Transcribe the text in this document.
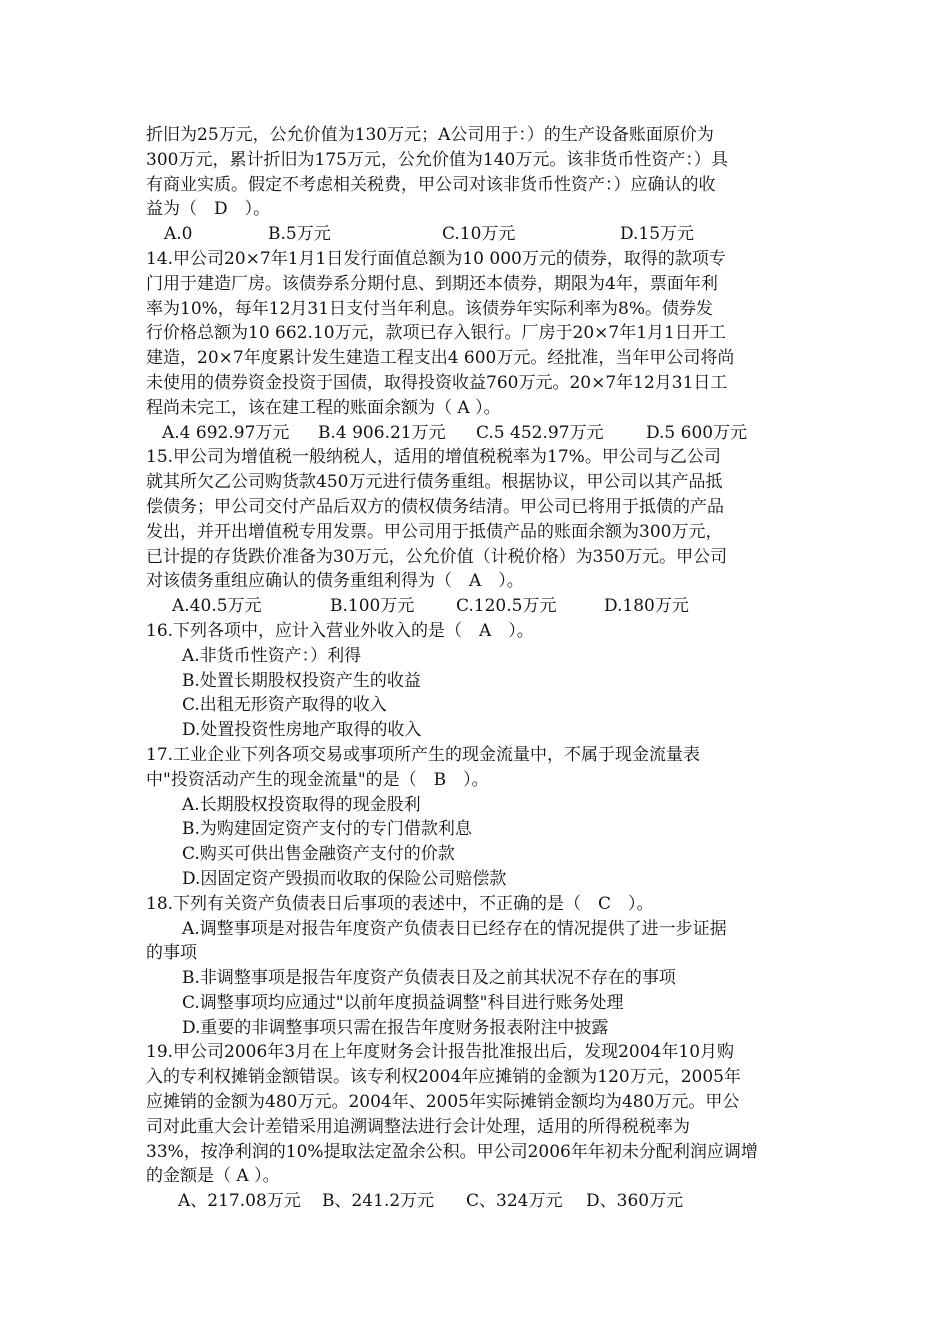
折旧为25万元，公允价值为130万元；A公司用于：）的生产设备账面原价为
300万元，累计折旧为175万元，公允价值为140万元。该非货币性资产：）具
有商业实质。假定不考虑相关税费，甲公司对该非货币性资产：）应确认的收
益为（　D　）。
A.0	B.5万元	C.10万元	D.15万元
14.甲公司20×7年1月1日发行面值总额为10 000万元的债券，取得的款项专
门用于建造厂房。该债券系分期付息、到期还本债券，期限为4年，票面年利
率为10%，每年12月31日支付当年利息。该债券年实际利率为8%。债券发
行价格总额为10 662.10万元，款项已存入银行。厂房于20×7年1月1日开工
建造，20×7年度累计发生建造工程支出4 600万元。经批准，当年甲公司将尚
未使用的债券资金投资于国债，取得投资收益760万元。20×7年12月31日工
程尚未完工，该在建工程的账面余额为（ A ）。
A.4 692.97万元 B.4 906.21万元 C.5 452.97万元 D.5 600万元
15.甲公司为增值税一般纳税人，适用的增值税税率为17%。甲公司与乙公司
就其所欠乙公司购货款450万元进行债务重组。根据协议，甲公司以其产品抵
偿债务；甲公司交付产品后双方的债权债务结清。甲公司已将用于抵债的产品
发出，并开出增值税专用发票。甲公司用于抵债产品的账面余额为300万元，
已计提的存货跌价准备为30万元，公允价值（计税价格）为350万元。甲公司
对该债务重组应确认的债务重组利得为（　A　）。
A.40.5万元	B.100万元 C.120.5万元	D.180万元
16.下列各项中，应计入营业外收入的是（　A　）。
A.非货币性资产：）利得
B.处置长期股权投资产生的收益
C.出租无形资产取得的收入
D.处置投资性房地产取得的收入
17.工业企业下列各项交易或事项所产生的现金流量中，不属于现金流量表
中"投资活动产生的现金流量"的是（　B　）。
A.长期股权投资取得的现金股利
B.为购建固定资产支付的专门借款利息
C.购买可供出售金融资产支付的价款
D.因固定资产毁损而收取的保险公司赔偿款
18.下列有关资产负债表日后事项的表述中，不正确的是（　C　）。
A.调整事项是对报告年度资产负债表日已经存在的情况提供了进一步证据
的事项
B.非调整事项是报告年度资产负债表日及之前其状况不存在的事项
C.调整事项均应通过"以前年度损益调整"科目进行账务处理
D.重要的非调整事项只需在报告年度财务报表附注中披露
19.甲公司2006年3月在上年度财务会计报告批准报出后，发现2004年10月购
入的专利权摊销金额错误。该专利权2004年应摊销的金额为120万元，2005年
应摊销的金额为480万元。2004年、2005年实际摊销金额均为480万元。甲公
司对此重大会计差错采用追溯调整法进行会计处理，适用的所得税税率为
33%，按净利润的10%提取法定盈余公积。甲公司2006年年初未分配利润应调增
的金额是（ A ）。
A、217.08万元 B、241.2万元 C、324万元 D、360万元
